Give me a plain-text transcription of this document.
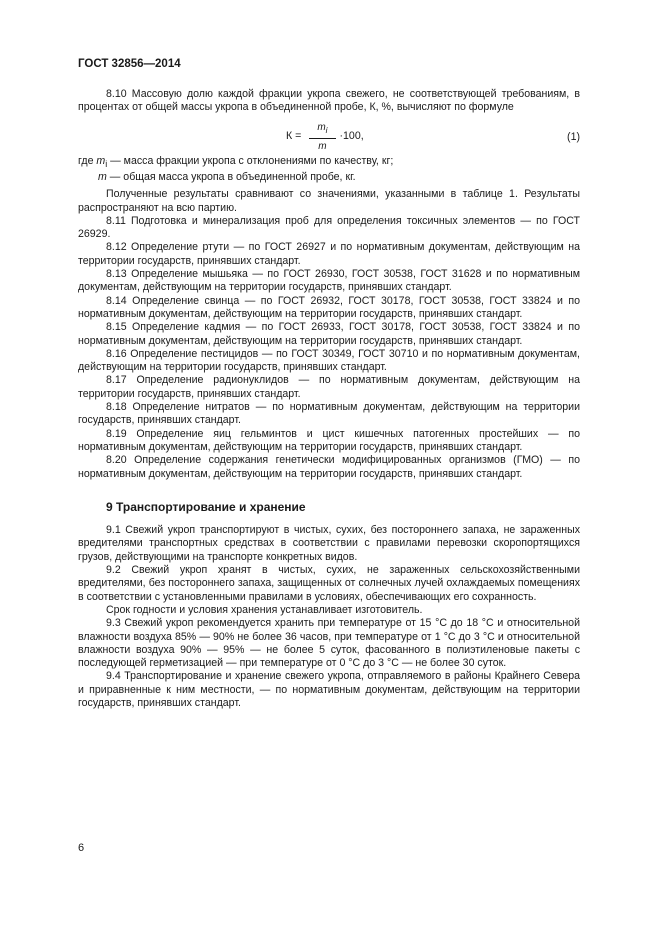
ГОСТ 32856—2014

8.10 Массовую долю каждой фракции укропа свежего, не соответствующей требованиям, в процентах от общей массы укропа в объединенной пробе, К, %, вычисляют по формуле

$К = \frac{m_i}{m} \cdot 100$,	(1)

где $m_i$ — масса фракции укропа с отклонениями по качеству, кг;

m — общая масса укропа в объединенной пробе, кг.

Полученные результаты сравнивают со значениями, указанными в таблице 1. Результаты распространяют на всю партию.

8.11 Подготовка и минерализация проб для определения токсичных элементов — по ГОСТ 26929.

8.12 Определение ртути — по ГОСТ 26927 и по нормативным документам, действующим на территории государств, принявших стандарт.

8.13 Определение мышьяка — по ГОСТ 26930, ГОСТ 30538, ГОСТ 31628 и по нормативным документам, действующим на территории государств, принявших стандарт.

8.14 Определение свинца — по ГОСТ 26932, ГОСТ 30178, ГОСТ 30538, ГОСТ 33824 и по нормативным документам, действующим на территории государств, принявших стандарт.

8.15 Определение кадмия — по ГОСТ 26933, ГОСТ 30178, ГОСТ 30538, ГОСТ 33824 и по нормативным документам, действующим на территории государств, принявших стандарт.

8.16 Определение пестицидов — по ГОСТ 30349, ГОСТ 30710 и по нормативным документам, действующим на территории государств, принявших стандарт.

8.17 Определение радионуклидов — по нормативным документам, действующим на территории государств, принявших стандарт.

8.18 Определение нитратов — по нормативным документам, действующим на территории государств, принявших стандарт.

8.19 Определение яиц гельминтов и цист кишечных патогенных простейших — по нормативным документам, действующим на территории государств, принявших стандарт.

8.20 Определение содержания генетически модифицированных организмов (ГМО) — по нормативным документам, действующим на территории государств, принявших стандарт.

9 Транспортирование и хранение

9.1 Свежий укроп транспортируют в чистых, сухих, без постороннего запаха, не зараженных вредителями транспортных средствах в соответствии с правилами перевозки скоропортящихся грузов, действующими на транспорте конкретных видов.

9.2 Свежий укроп хранят в чистых, сухих, не зараженных сельскохозяйственными вредителями, без постороннего запаха, защищенных от солнечных лучей охлаждаемых помещениях в соответствии с установленными правилами в условиях, обеспечивающих его сохранность.

Срок годности и условия хранения устанавливает изготовитель.

9.3 Свежий укроп рекомендуется хранить при температуре от 15 °С до 18 °С и относительной влажности воздуха 85% — 90% не более 36 часов, при температуре от 1 °С до 3 °С и относительной влажности воздуха 90% — 95% — не более 5 суток, фасованного в полиэтиленовые пакеты с последующей герметизацией — при температуре от 0 °С до 3 °С — не более 30 суток.

9.4 Транспортирование и хранение свежего укропа, отправляемого в районы Крайнего Севера и приравненные к ним местности, — по нормативным документам, действующим на территории государств, принявших стандарт.

6
